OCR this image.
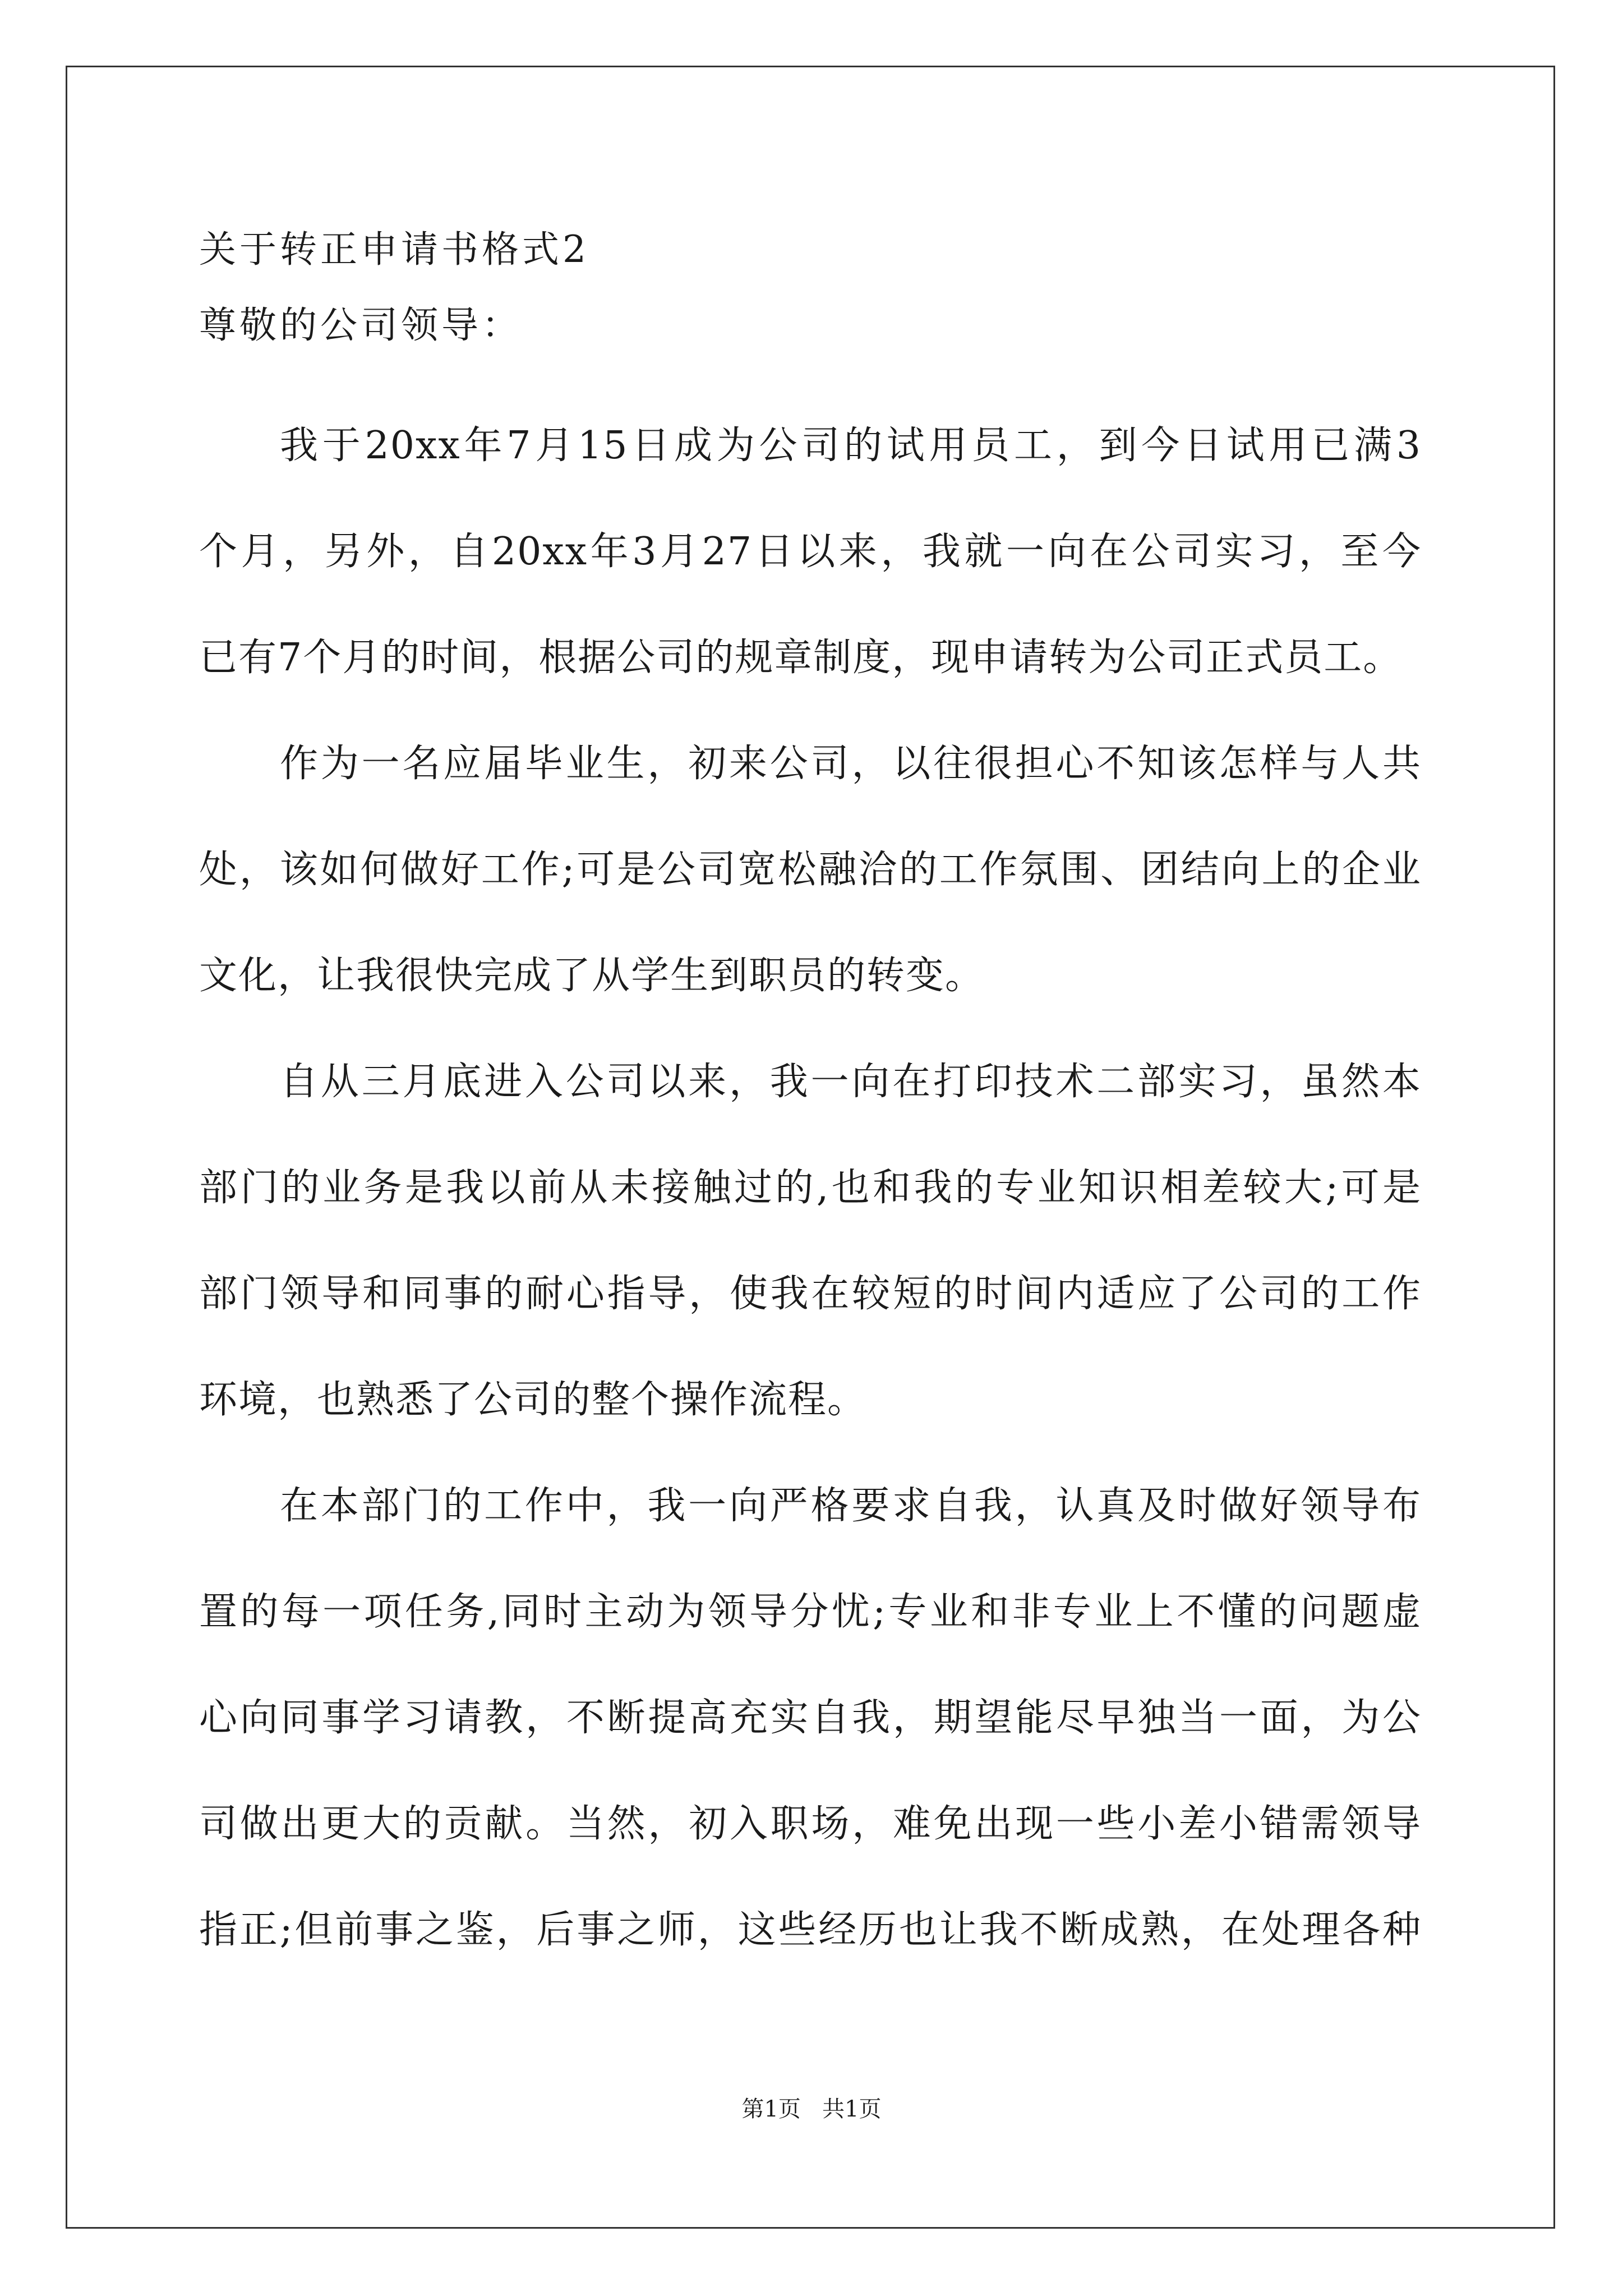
关于转正申请书格式2
尊敬的公司领导：
我于20xx年7月15日成为公司的试用员工，到今日试用已满3
个月，另外，自20xx年3月27日以来，我就一向在公司实习，至今
已有7个月的时间，根据公司的规章制度，现申请转为公司正式员工。
作为一名应届毕业生，初来公司，以往很担心不知该怎样与人共
处，该如何做好工作;可是公司宽松融洽的工作氛围、团结向上的企业
文化，让我很快完成了从学生到职员的转变。
自从三月底进入公司以来，我一向在打印技术二部实习，虽然本
部门的业务是我以前从未接触过的,也和我的专业知识相差较大;可是
部门领导和同事的耐心指导，使我在较短的时间内适应了公司的工作
环境，也熟悉了公司的整个操作流程。
在本部门的工作中，我一向严格要求自我，认真及时做好领导布
置的每一项任务,同时主动为领导分忧;专业和非专业上不懂的问题虚
心向同事学习请教，不断提高充实自我，期望能尽早独当一面，为公
司做出更大的贡献。当然，初入职场，难免出现一些小差小错需领导
指正;但前事之鉴，后事之师，这些经历也让我不断成熟，在处理各种
第1页   共1页
